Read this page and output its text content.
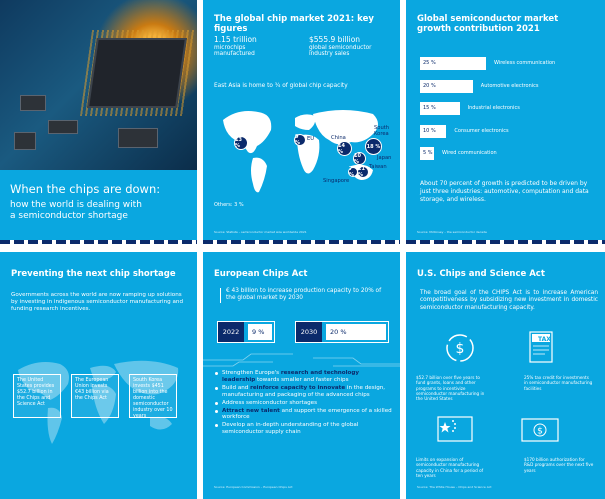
When the chips are down:
how the world is dealing with
a semiconductor shortage
The global chip market 2021: key figures
1.15 trillion
microchips
manufactured
$555.9 billion
global semiconductor
industry sales
East Asia is home to ¾ of global chip capacity
13 %
US
9 %
EU
14 %
China
18 %
South Korea
10 %
Japan
21 %
Taiwan
7 %
Singapore
Others: 3 %
Source: Statista – semiconductor market size worldwide 2021
Global semiconductor market
growth contribution 2021
25 %	Wireless communication
20 %	Automotive electronics
15 %	Industrial electronics
10 %	Consumer electronics
5 % Wired communication
About 70 percent of growth is predicted to be driven by just three industries: automotive, computation and data storage, and wireless.
Source: McKinsey – the semiconductor decade
Preventing the next chip shortage
Governments across the world are now ramping up solutions by investing in indigenous semiconductor manufacturing and funding research incentives.
The United States provides $52.7 billion in the Chips and Science Act
The European Union invests €43 billion via the Chips Act
South Korea invests $451 billion into the domestic semiconductor industry over 10 years
European Chips Act
€ 43 billion to increase production capacity to 20% of the global market by 2030
2022	9 %	2030	20 %
Strengthen Europe's research and technology leadership towards smaller and faster chips
Build and reinforce capacity to innovate in the design, manufacturing and packaging of the advanced chips
Address semiconductor shortages
Attract new talent and support the emergence of a skilled workforce
Develop an in-depth understanding of the global semiconductor supply chain
Source: European Commission – European Chips Act
U.S. Chips and Science Act
The broad goal of the CHIPS Act is to increase American competitiveness by subsidizing new investment in domestic semiconductor manufacturing capacity.
$
TAX
$52.7 billion over five years to fund grants, loans and other programs to incentivize semiconductor manufacturing in the United States
25% tax credit for investments in semiconductor manufacturing facilities
$
Limits on expansion of semiconductor manufacturing capacity in China for a period of ten years
$170 billion authorization for R&D programs over the next five years
Source: The White House – Chips and Science Act
